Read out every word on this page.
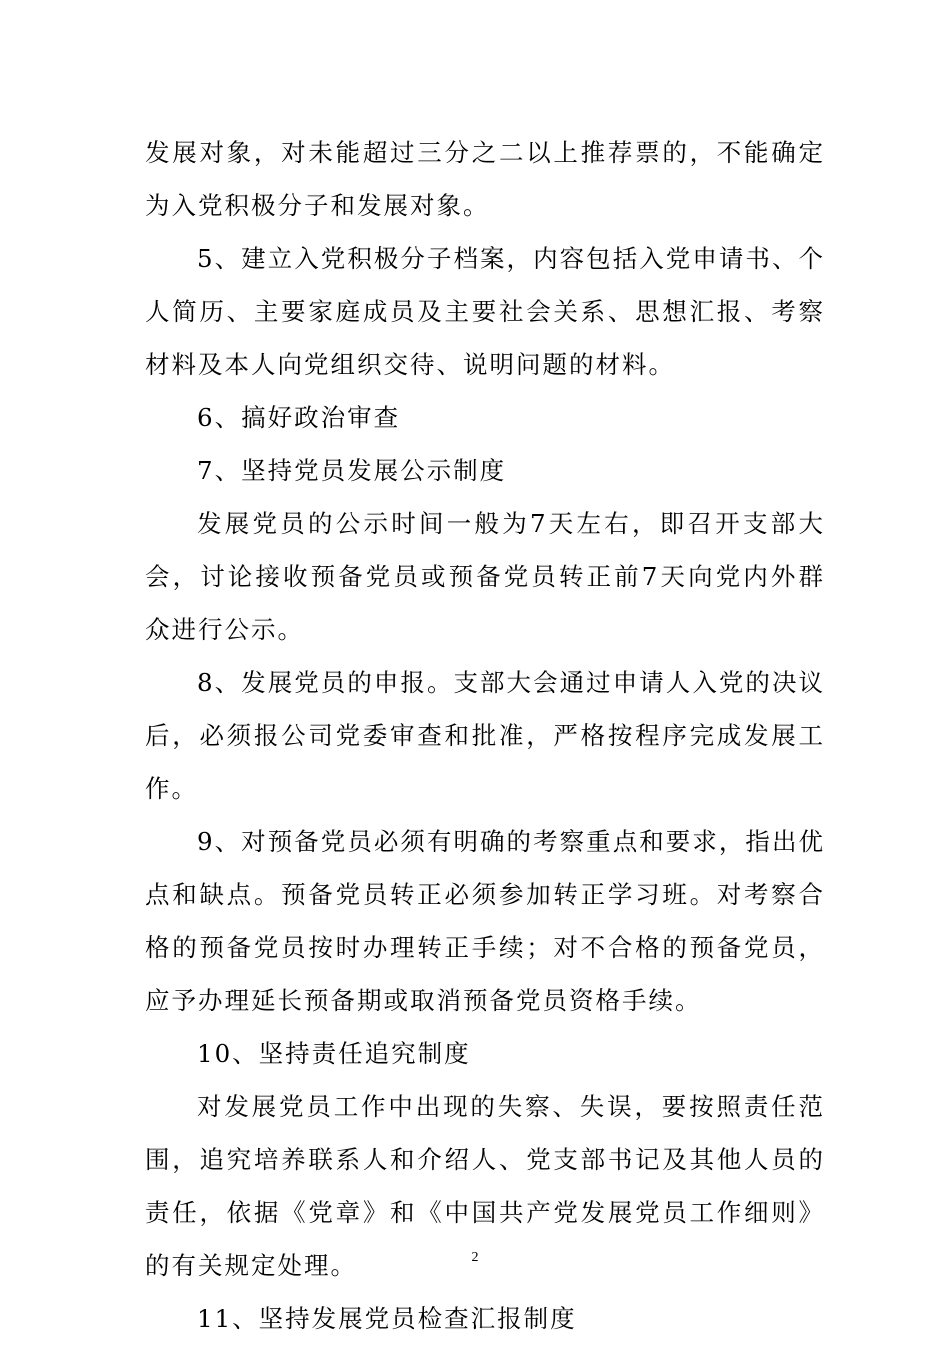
发展对象，对未能超过三分之二以上推荐票的，不能确定为入党积极分子和发展对象。

5、建立入党积极分子档案，内容包括入党申请书、个人简历、主要家庭成员及主要社会关系、思想汇报、考察材料及本人向党组织交待、说明问题的材料。

6、搞好政治审查

7、坚持党员发展公示制度

发展党员的公示时间一般为7天左右，即召开支部大会，讨论接收预备党员或预备党员转正前7天向党内外群众进行公示。

8、发展党员的申报。支部大会通过申请人入党的决议后，必须报公司党委审查和批准，严格按程序完成发展工作。

9、对预备党员必须有明确的考察重点和要求，指出优点和缺点。预备党员转正必须参加转正学习班。对考察合格的预备党员按时办理转正手续；对不合格的预备党员，应予办理延长预备期或取消预备党员资格手续。

10、坚持责任追究制度

对发展党员工作中出现的失察、失误，要按照责任范围，追究培养联系人和介绍人、党支部书记及其他人员的责任，依据《党章》和《中国共产党发展党员工作细则》的有关规定处理。

11、坚持发展党员检查汇报制度

2
